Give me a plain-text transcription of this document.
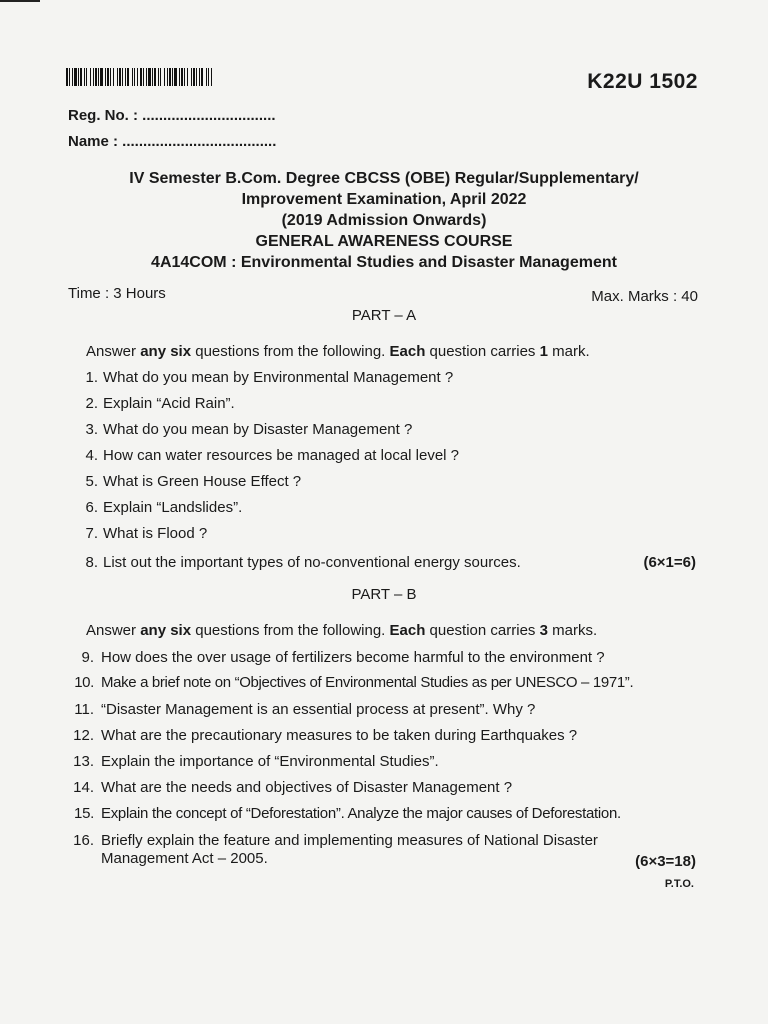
K22U 1502
Reg. No. : ................................
Name : .....................................
IV Semester B.Com. Degree CBCSS (OBE) Regular/Supplementary/
Improvement Examination, April 2022
(2019 Admission Onwards)
GENERAL AWARENESS COURSE
4A14COM : Environmental Studies and Disaster Management
Time : 3 Hours	Max. Marks : 40
PART – A
Answer any six questions from the following. Each question carries 1 mark.
1. What do you mean by Environmental Management ?
2. Explain “Acid Rain”.
3. What do you mean by Disaster Management ?
4. How can water resources be managed at local level ?
5. What is Green House Effect ?
6. Explain “Landslides”.
7. What is Flood ?
8. List out the important types of no-conventional energy sources.	(6×1=6)
PART – B
Answer any six questions from the following. Each question carries 3 marks.
9. How does the over usage of fertilizers become harmful to the environment ?
10. Make a brief note on “Objectives of Environmental Studies as per UNESCO – 1971”.
11. “Disaster Management is an essential process at present”. Why ?
12. What are the precautionary measures to be taken during Earthquakes ?
13. Explain the importance of “Environmental Studies”.
14. What are the needs and objectives of Disaster Management ?
15. Explain the concept of “Deforestation”. Analyze the major causes of Deforestation.
16. Briefly explain the feature and implementing measures of National Disaster
Management Act – 2005.	(6×3=18)
P.T.O.
